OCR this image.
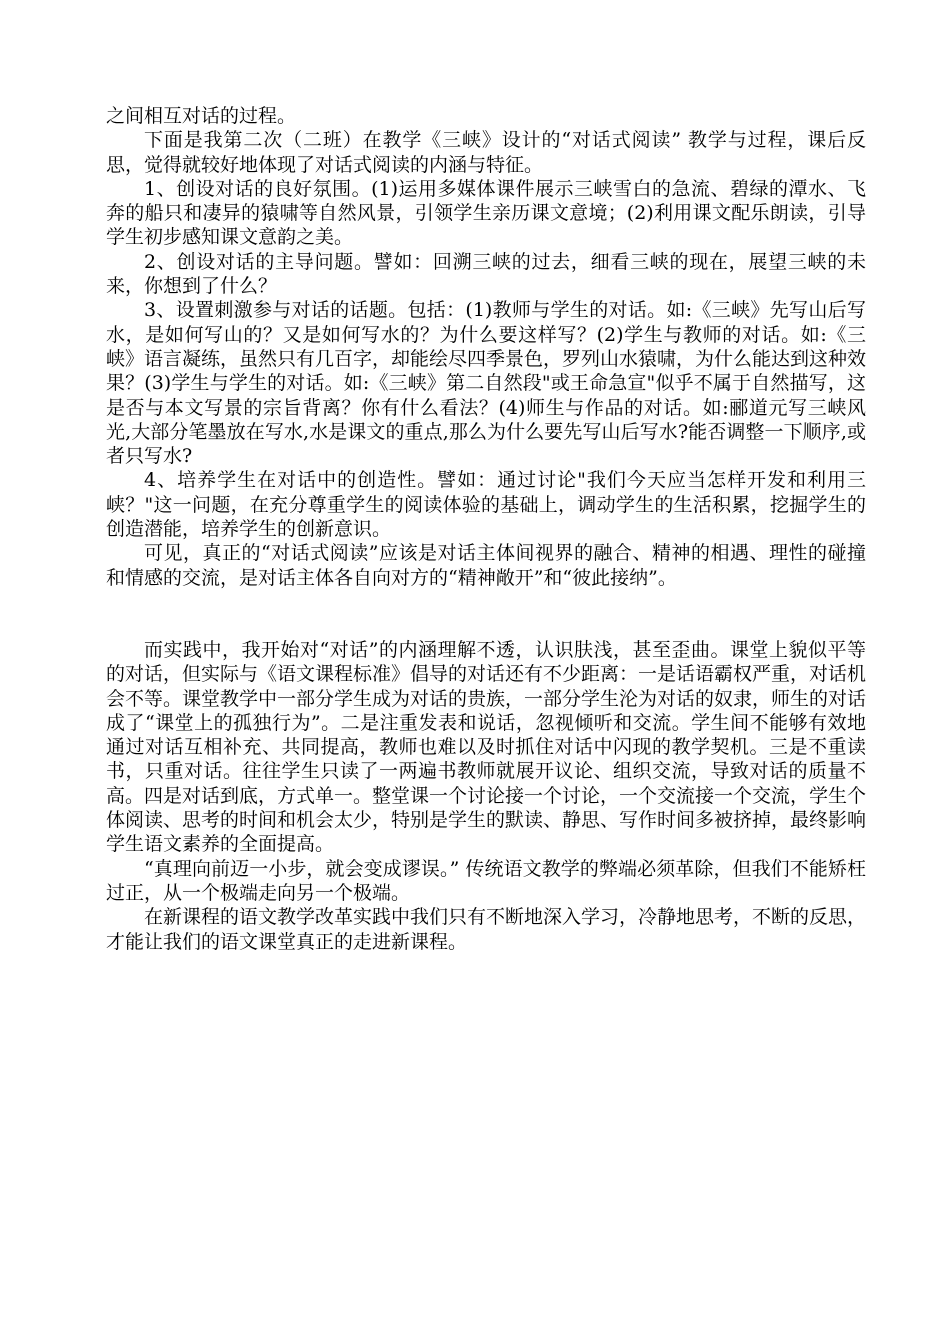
之间相互对话的过程。

下面是我第二次（二班）在教学《三峡》设计的“对话式阅读” 教学与过程，课后反思，觉得就较好地体现了对话式阅读的内涵与特征。

1、创设对话的良好氛围。(1)运用多媒体课件展示三峡雪白的急流、碧绿的潭水、飞奔的船只和凄异的猿啸等自然风景，引领学生亲历课文意境；(2)利用课文配乐朗读，引导学生初步感知课文意韵之美。

2、创设对话的主导问题。譬如：回溯三峡的过去，细看三峡的现在，展望三峡的未来，你想到了什么？

3、设置刺激参与对话的话题。包括：(1)教师与学生的对话。如:《三峡》先写山后写水，是如何写山的？又是如何写水的？为什么要这样写？(2)学生与教师的对话。如:《三峡》语言凝练，虽然只有几百字，却能绘尽四季景色，罗列山水猿啸，为什么能达到这种效果？(3)学生与学生的对话。如:《三峡》第二自然段"或王命急宣"似乎不属于自然描写，这是否与本文写景的宗旨背离？你有什么看法？(4)师生与作品的对话。如:郦道元写三峡风光,大部分笔墨放在写水,水是课文的重点,那么为什么要先写山后写水?能否调整一下顺序,或者只写水?

4、培养学生在对话中的创造性。譬如：通过讨论"我们今天应当怎样开发和利用三峡？"这一问题，在充分尊重学生的阅读体验的基础上，调动学生的生活积累，挖掘学生的创造潜能，培养学生的创新意识。

可见，真正的“对话式阅读”应该是对话主体间视界的融合、精神的相遇、理性的碰撞和情感的交流，是对话主体各自向对方的“精神敞开”和“彼此接纳”。

而实践中，我开始对“对话”的内涵理解不透，认识肤浅，甚至歪曲。课堂上貌似平等的对话，但实际与《语文课程标准》倡导的对话还有不少距离：一是话语霸权严重，对话机会不等。课堂教学中一部分学生成为对话的贵族，一部分学生沦为对话的奴隶，师生的对话成了“课堂上的孤独行为”。二是注重发表和说话，忽视倾听和交流。学生间不能够有效地通过对话互相补充、共同提高，教师也难以及时抓住对话中闪现的教学契机。三是不重读书，只重对话。往往学生只读了一两遍书教师就展开议论、组织交流，导致对话的质量不高。四是对话到底，方式单一。整堂课一个讨论接一个讨论，一个交流接一个交流，学生个体阅读、思考的时间和机会太少，特别是学生的默读、静思、写作时间多被挤掉，最终影响学生语文素养的全面提高。

“真理向前迈一小步，就会变成谬误。” 传统语文教学的弊端必须革除，但我们不能矫枉过正，从一个极端走向另一个极端。

在新课程的语文教学改革实践中我们只有不断地深入学习，冷静地思考，不断的反思，才能让我们的语文课堂真正的走进新课程。
